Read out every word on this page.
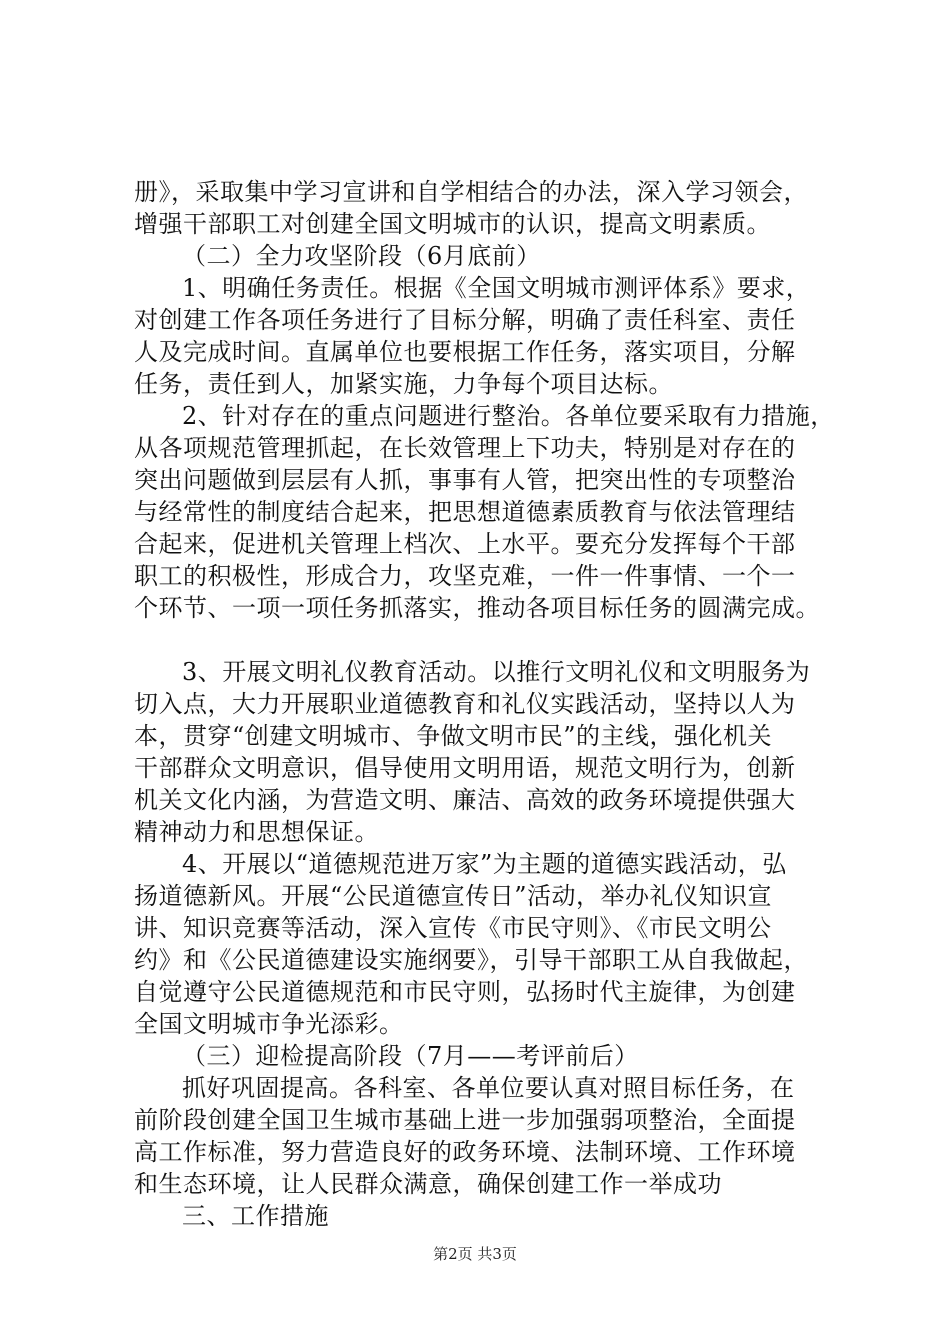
册》，采取集中学习宣讲和自学相结合的办法，深入学习领会，
增强干部职工对创建全国文明城市的认识，提高文明素质。
（二）全力攻坚阶段（6月底前）
1、明确任务责任。根据《全国文明城市测评体系》要求，
对创建工作各项任务进行了目标分解，明确了责任科室、责任
人及完成时间。直属单位也要根据工作任务，落实项目，分解
任务，责任到人，加紧实施，力争每个项目达标。
2、针对存在的重点问题进行整治。各单位要采取有力措施，
从各项规范管理抓起，在长效管理上下功夫，特别是对存在的
突出问题做到层层有人抓，事事有人管，把突出性的专项整治
与经常性的制度结合起来，把思想道德素质教育与依法管理结
合起来，促进机关管理上档次、上水平。要充分发挥每个干部
职工的积极性，形成合力，攻坚克难，一件一件事情、一个一
个环节、一项一项任务抓落实，推动各项目标任务的圆满完成。
3、开展文明礼仪教育活动。以推行文明礼仪和文明服务为
切入点，大力开展职业道德教育和礼仪实践活动，坚持以人为
本，贯穿“创建文明城市、争做文明市民”的主线，强化机关
干部群众文明意识，倡导使用文明用语，规范文明行为，创新
机关文化内涵，为营造文明、廉洁、高效的政务环境提供强大
精神动力和思想保证。
4、开展以“道德规范进万家”为主题的道德实践活动，弘
扬道德新风。开展“公民道德宣传日”活动，举办礼仪知识宣
讲、知识竞赛等活动，深入宣传《市民守则》、《市民文明公
约》和《公民道德建设实施纲要》，引导干部职工从自我做起，
自觉遵守公民道德规范和市民守则，弘扬时代主旋律，为创建
全国文明城市争光添彩。
（三）迎检提高阶段（7月——考评前后）
抓好巩固提高。各科室、各单位要认真对照目标任务，在
前阶段创建全国卫生城市基础上进一步加强弱项整治，全面提
高工作标准，努力营造良好的政务环境、法制环境、工作环境
和生态环境，让人民群众满意，确保创建工作一举成功
三、工作措施
第2页 共3页
